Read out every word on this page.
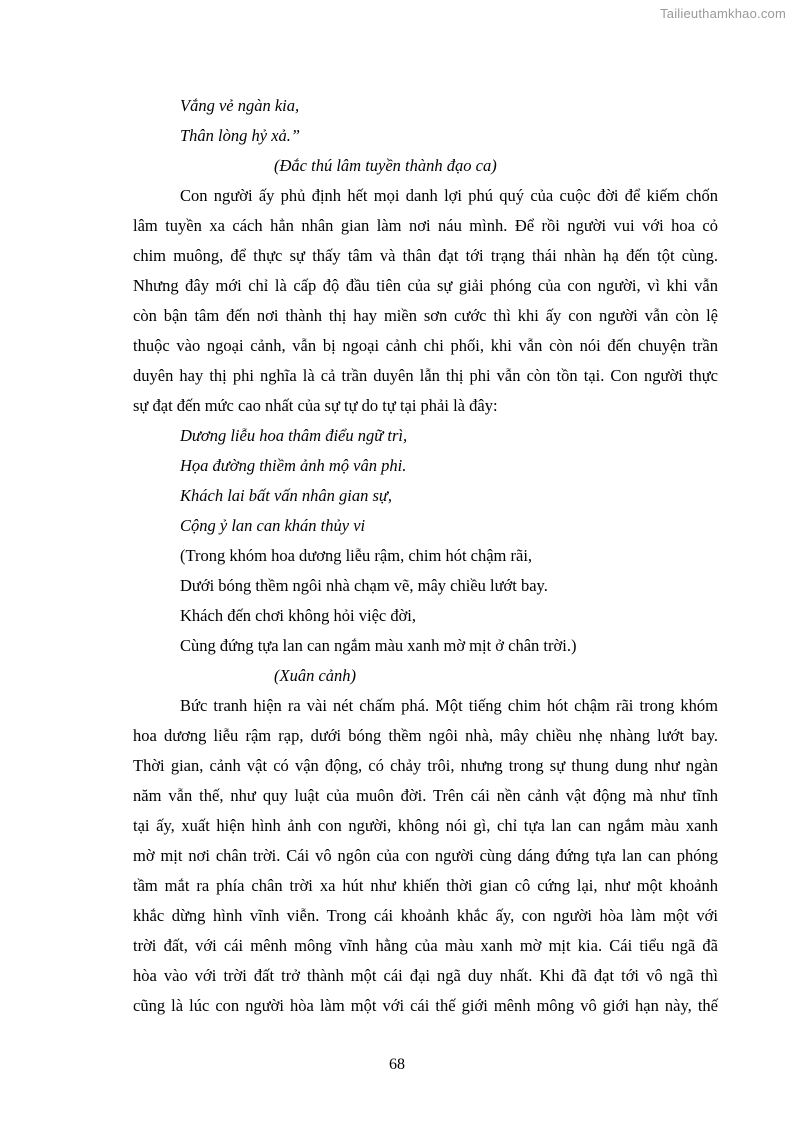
Tailieuthamkhao.com
Vắng vẻ ngàn kia,
Thân lòng hỷ xả.”
(Đắc thú lâm tuyền thành đạo ca)
Con người ấy phủ định hết mọi danh lợi phú quý của cuộc đời để kiếm chốn
lâm tuyền xa cách hẳn nhân gian làm nơi náu mình. Để rồi người vui với hoa cỏ
chim muông, để thực sự thấy tâm và thân đạt tới trạng thái nhàn hạ đến tột cùng.
Nhưng đây mới chỉ là cấp độ đầu tiên của sự giải phóng của con người, vì khi vẫn
còn bận tâm đến nơi thành thị hay miền sơn cước thì khi ấy con người vẫn còn lệ
thuộc vào ngoại cảnh, vẫn bị ngoại cảnh chi phối, khi vẫn còn nói đến chuyện trần
duyên hay thị phi nghĩa là cả trần duyên lẫn thị phi vẫn còn tồn tại. Con người thực
sự đạt đến mức cao nhất của sự tự do tự tại phải là đây:
Dương liễu hoa thâm điểu ngữ trì,
Họa đường thiềm ảnh mộ vân phi.
Khách lai bất vấn nhân gian sự,
Cộng ỷ lan can khán thủy vi
(Trong khóm hoa dương liễu rậm, chim hót chậm rãi,
Dưới bóng thềm ngôi nhà chạm vẽ, mây chiều lướt bay.
Khách đến chơi không hỏi việc đời,
Cùng đứng tựa lan can ngắm màu xanh mờ mịt ở chân trời.)
(Xuân cảnh)
Bức tranh hiện ra vài nét chấm phá. Một tiếng chim hót chậm rãi trong khóm
hoa dương liễu rậm rạp, dưới bóng thềm ngôi nhà, mây chiều nhẹ nhàng lướt bay.
Thời gian, cảnh vật có vận động, có chảy trôi, nhưng trong sự thung dung như ngàn
năm vẫn thế, như quy luật của muôn đời. Trên cái nền cảnh vật động mà như tĩnh
tại ấy, xuất hiện hình ảnh con người, không nói gì, chỉ tựa lan can ngắm màu xanh
mờ mịt nơi chân trời. Cái vô ngôn của con người cùng dáng đứng tựa lan can phóng
tầm mắt ra phía chân trời xa hút như khiến thời gian cô cứng lại, như một khoảnh
khắc dừng hình vĩnh viễn. Trong cái khoảnh khắc ấy, con người hòa làm một với
trời đất, với cái mênh mông vĩnh hằng của màu xanh mờ mịt kia. Cái tiểu ngã đã
hòa vào với trời đất trở thành một cái đại ngã duy nhất. Khi đã đạt tới vô ngã thì
cũng là lúc con người hòa làm một với cái thế giới mênh mông vô giới hạn này, thế
68
